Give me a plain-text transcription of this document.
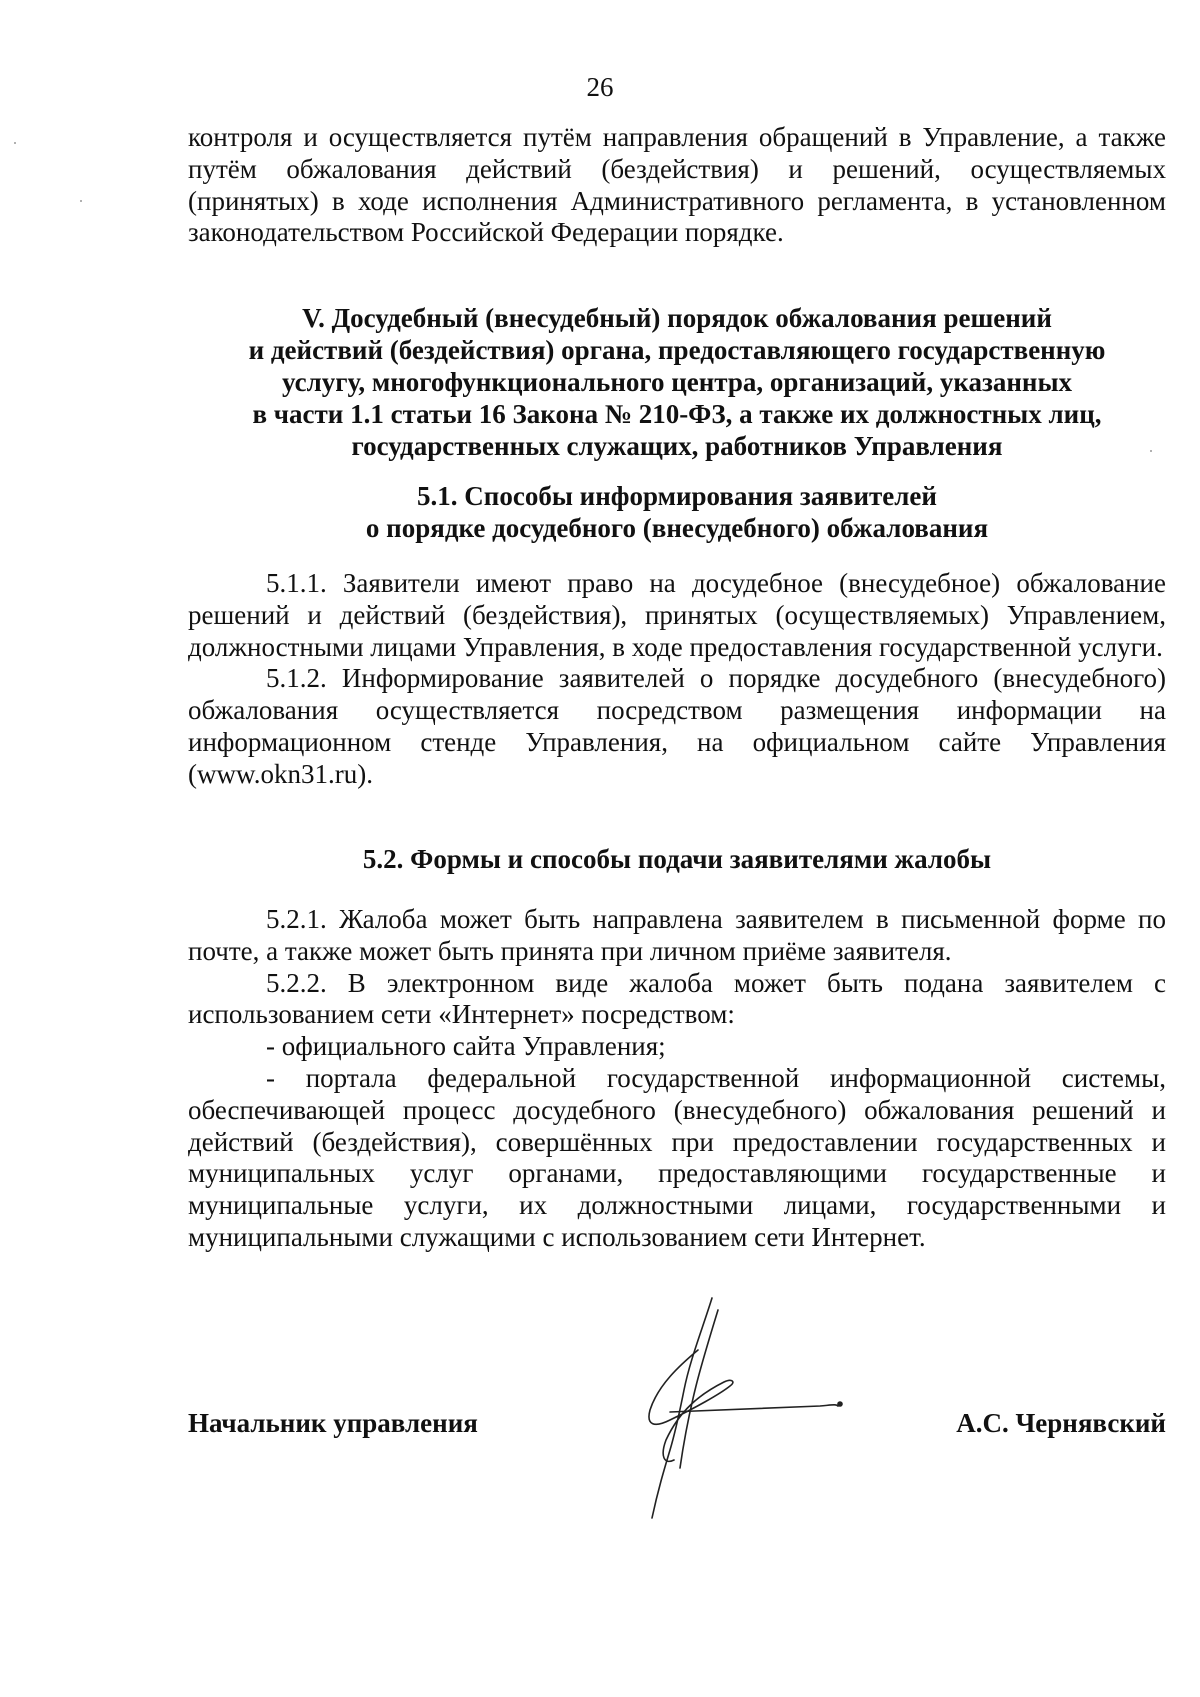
26

контроля и осуществляется путём направления обращений в Управление, а также путём обжалования действий (бездействия) и решений, осуществляемых (принятых) в ходе исполнения Административного регламента, в установленном законодательством Российской Федерации порядке.

V. Досудебный (внесудебный) порядок обжалования решений
и действий (бездействия) органа, предоставляющего государственную
услугу, многофункционального центра, организаций, указанных
в части 1.1 статьи 16 Закона № 210-ФЗ, а также их должностных лиц,
государственных служащих, работников Управления
5.1. Способы информирования заявителей
о порядке досудебного (внесудебного) обжалования

5.1.1. Заявители имеют право на досудебное (внесудебное) обжалование решений и действий (бездействия), принятых (осуществляемых) Управлением, должностными лицами Управления, в ходе предоставления государственной услуги.

5.1.2. Информирование заявителей о порядке досудебного (внесудебного) обжалования осуществляется посредством размещения информации на информационном стенде Управления, на официальном сайте Управления (www.okn31.ru).

5.2. Формы и способы подачи заявителями жалобы

5.2.1. Жалоба может быть направлена заявителем в письменной форме по почте, а также может быть принята при личном приёме заявителя.

5.2.2. В электронном виде жалоба может быть подана заявителем с использованием сети «Интернет» посредством:

- официального сайта Управления;

- портала федеральной государственной информационной системы, обеспечивающей процесс досудебного (внесудебного) обжалования решений и действий (бездействия), совершённых при предоставлении государственных и муниципальных услуг органами, предоставляющими государственные и муниципальные услуги, их должностными лицами, государственными и муниципальными служащими с использованием сети Интернет.

Начальник управления	А.С. Чернявский
